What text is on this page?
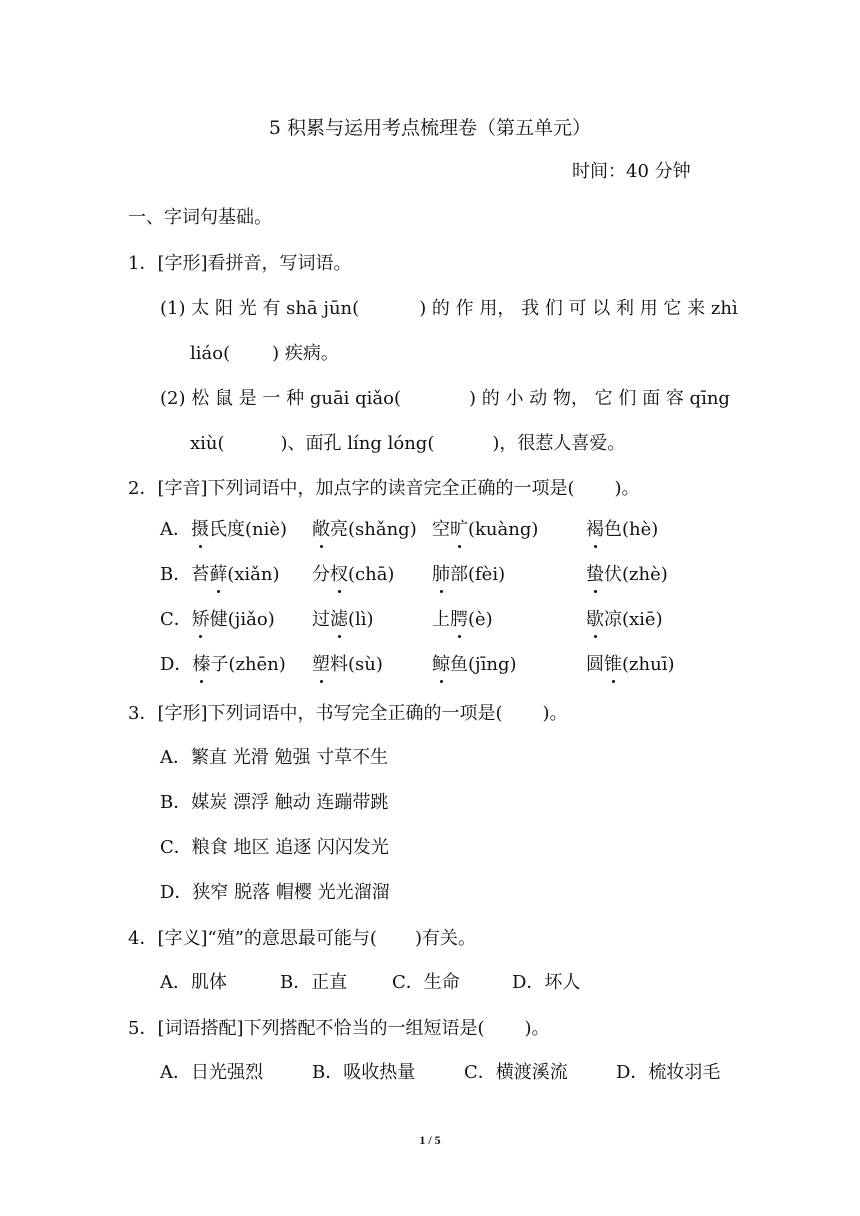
5 积累与运用考点梳理卷（第五单元）
时间：40 分钟
一、字词句基础。
1．[字形]看拼音，写词语。
(1) 太 阳 光 有 shā jūn(	) 的 作 用， 我 们 可 以 利 用 它 来 zhì
liáo( ) 疾病。
(2) 松 鼠 是 一 种 guāi qiǎo(	) 的 小 动 物， 它 们 面 容 qīng
xiù(	)、面孔 líng lóng(	)，很惹人喜爱。
2．[字音]下列词语中，加点字的读音完全正确的一项是( )。
A．摄氏度(niè) 敞亮(shǎng) 空旷(kuàng)	褐色(hè)
B．苔藓(xiǎn) 分杈(chā) 肺部(fèi)	蛰伏(zhè)
C．矫健(jiǎo) 过滤(lì)	上腭(è)	歇凉(xiē)
D．榛子(zhēn) 塑料(sù)	鲸鱼(jīng)	圆锥(zhuī)
3．[字形]下列词语中，书写完全正确的一项是( )。
A．繁直 光滑 勉强 寸草不生
B．媒炭 漂浮 触动 连蹦带跳
C．粮食 地区 追逐 闪闪发光
D．狭窄 脱落 帽樱 光光溜溜
4．[字义]“殖”的意思最可能与( )有关。
A．肌体	B．正直 C．生命	D．坏人
5．[词语搭配]下列搭配不恰当的一组短语是( )。
A．日光强烈	B．吸收热量	C．横渡溪流	D．梳妆羽毛
1 / 5
